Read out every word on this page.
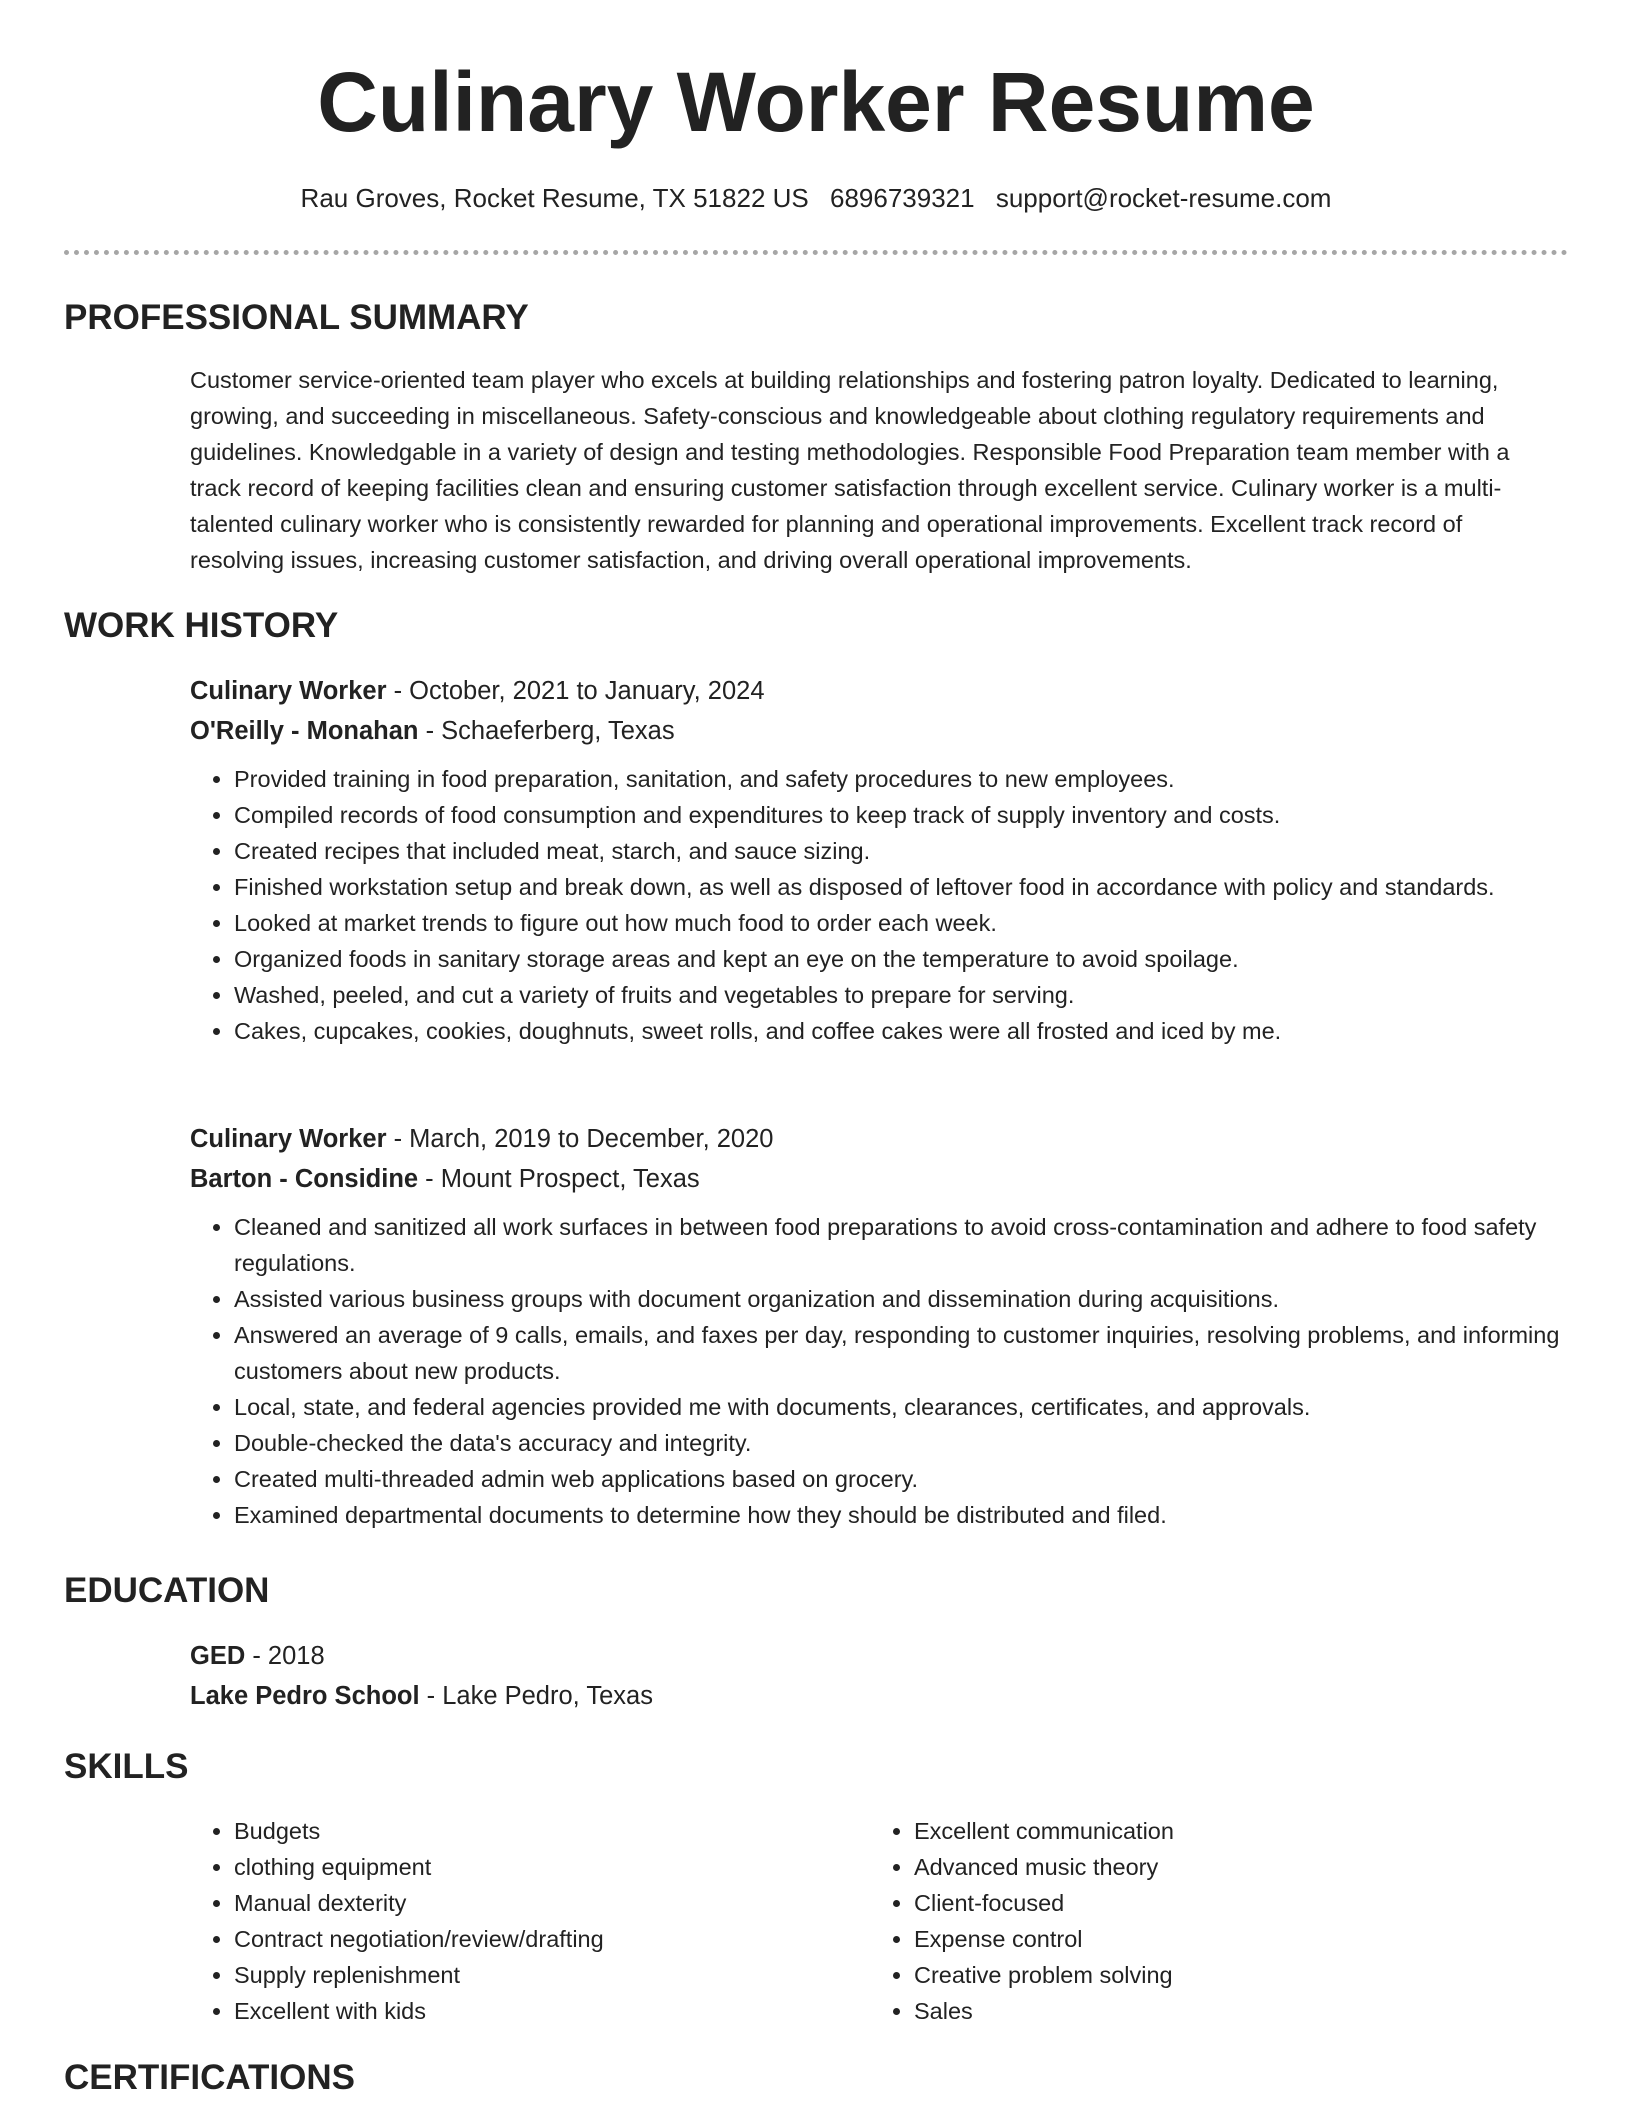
Culinary Worker Resume
Rau Groves, Rocket Resume, TX 51822 US 6896739321 support@rocket-resume.com
PROFESSIONAL SUMMARY

Customer service-oriented team player who excels at building relationships and fostering patron loyalty. Dedicated to learning, growing, and succeeding in miscellaneous. Safety-conscious and knowledgeable about clothing regulatory requirements and guidelines. Knowledgable in a variety of design and testing methodologies. Responsible Food Preparation team member with a track record of keeping facilities clean and ensuring customer satisfaction through excellent service. Culinary worker is a multi-talented culinary worker who is consistently rewarded for planning and operational improvements. Excellent track record of resolving issues, increasing customer satisfaction, and driving overall operational improvements.

WORK HISTORY
Culinary Worker - October, 2021 to January, 2024
O'Reilly - Monahan - Schaeferberg, Texas
• Provided training in food preparation, sanitation, and safety procedures to new employees.
• Compiled records of food consumption and expenditures to keep track of supply inventory and costs.
• Created recipes that included meat, starch, and sauce sizing.
• Finished workstation setup and break down, as well as disposed of leftover food in accordance with policy and standards.
• Looked at market trends to figure out how much food to order each week.
• Organized foods in sanitary storage areas and kept an eye on the temperature to avoid spoilage.
• Washed, peeled, and cut a variety of fruits and vegetables to prepare for serving.
• Cakes, cupcakes, cookies, doughnuts, sweet rolls, and coffee cakes were all frosted and iced by me.
Culinary Worker - March, 2019 to December, 2020
Barton - Considine - Mount Prospect, Texas
• Cleaned and sanitized all work surfaces in between food preparations to avoid cross-contamination and adhere to food safety regulations.
• Assisted various business groups with document organization and dissemination during acquisitions.
• Answered an average of 9 calls, emails, and faxes per day, responding to customer inquiries, resolving problems, and informing customers about new products.
• Local, state, and federal agencies provided me with documents, clearances, certificates, and approvals.
• Double-checked the data's accuracy and integrity.
• Created multi-threaded admin web applications based on grocery.
• Examined departmental documents to determine how they should be distributed and filed.
EDUCATION
GED - 2018
Lake Pedro School - Lake Pedro, Texas
SKILLS
• Budgets
• clothing equipment
• Manual dexterity
• Contract negotiation/review/drafting
• Supply replenishment
• Excellent with kids
• Excellent communication
• Advanced music theory
• Client-focused
• Expense control
• Creative problem solving
• Sales
CERTIFICATIONS
